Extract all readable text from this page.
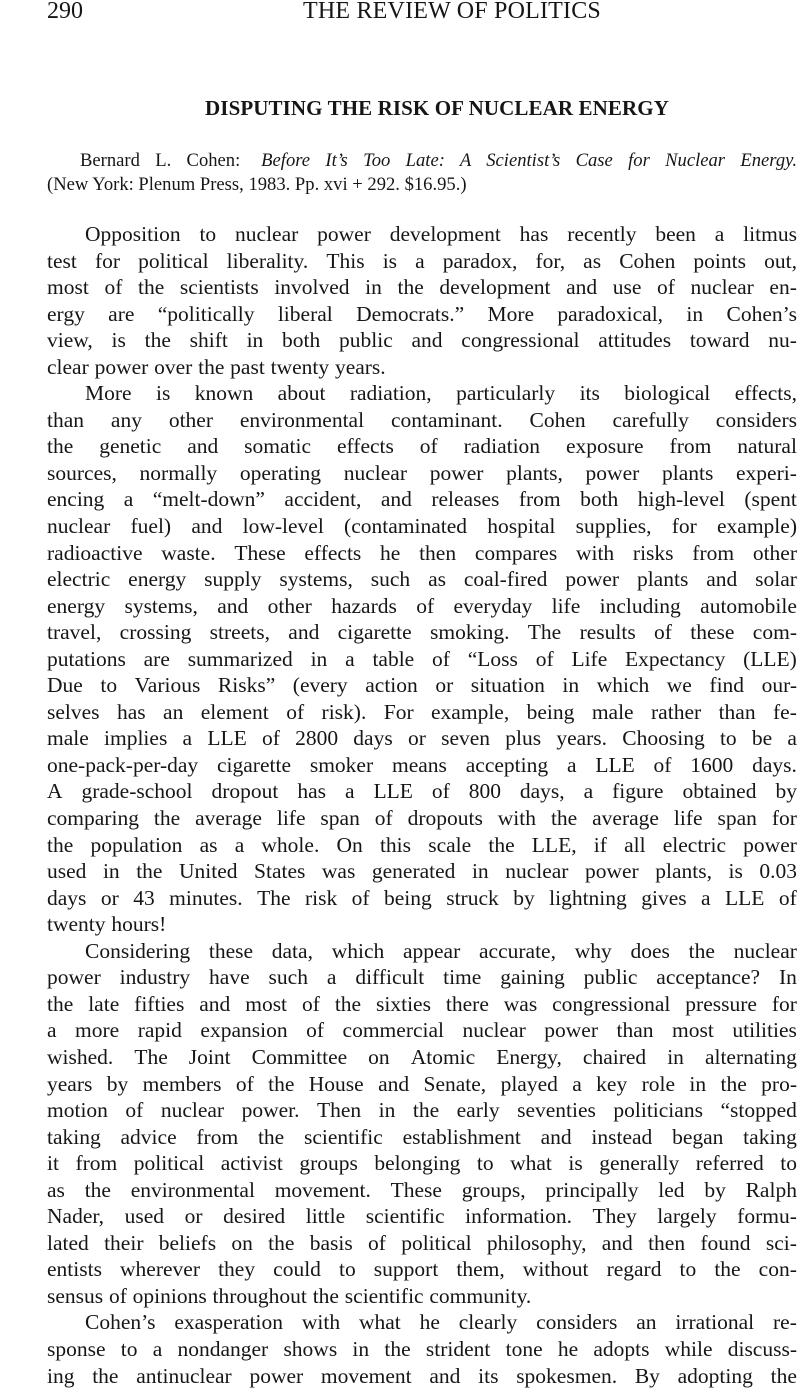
290	THE REVIEW OF POLITICS
DISPUTING THE RISK OF NUCLEAR ENERGY
Bernard L. Cohen: Before It’s Too Late: A Scientist’s Case for Nuclear Energy.
(New York: Plenum Press, 1983. Pp. xvi + 292. $16.95.)
Opposition to nuclear power development has recently been a litmus
test for political liberality. This is a paradox, for, as Cohen points out,
most of the scientists involved in the development and use of nuclear en-
ergy are “politically liberal Democrats.” More paradoxical, in Cohen’s
view, is the shift in both public and congressional attitudes toward nu-
clear power over the past twenty years.
More is known about radiation, particularly its biological effects,
than any other environmental contaminant. Cohen carefully considers
the genetic and somatic effects of radiation exposure from natural
sources, normally operating nuclear power plants, power plants experi-
encing a “melt-down” accident, and releases from both high-level (spent
nuclear fuel) and low-level (contaminated hospital supplies, for example)
radioactive waste. These effects he then compares with risks from other
electric energy supply systems, such as coal-fired power plants and solar
energy systems, and other hazards of everyday life including automobile
travel, crossing streets, and cigarette smoking. The results of these com-
putations are summarized in a table of “Loss of Life Expectancy (LLE)
Due to Various Risks” (every action or situation in which we find our-
selves has an element of risk). For example, being male rather than fe-
male implies a LLE of 2800 days or seven plus years. Choosing to be a
one-pack-per-day cigarette smoker means accepting a LLE of 1600 days.
A grade-school dropout has a LLE of 800 days, a figure obtained by
comparing the average life span of dropouts with the average life span for
the population as a whole. On this scale the LLE, if all electric power
used in the United States was generated in nuclear power plants, is 0.03
days or 43 minutes. The risk of being struck by lightning gives a LLE of
twenty hours!
Considering these data, which appear accurate, why does the nuclear
power industry have such a difficult time gaining public acceptance? In
the late fifties and most of the sixties there was congressional pressure for
a more rapid expansion of commercial nuclear power than most utilities
wished. The Joint Committee on Atomic Energy, chaired in alternating
years by members of the House and Senate, played a key role in the pro-
motion of nuclear power. Then in the early seventies politicians “stopped
taking advice from the scientific establishment and instead began taking
it from political activist groups belonging to what is generally referred to
as the environmental movement. These groups, principally led by Ralph
Nader, used or desired little scientific information. They largely formu-
lated their beliefs on the basis of political philosophy, and then found sci-
entists wherever they could to support them, without regard to the con-
sensus of opinions throughout the scientific community.
Cohen’s exasperation with what he clearly considers an irrational re-
sponse to a nondanger shows in the strident tone he adopts while discuss-
ing the antinuclear power movement and its spokesmen. By adopting the
